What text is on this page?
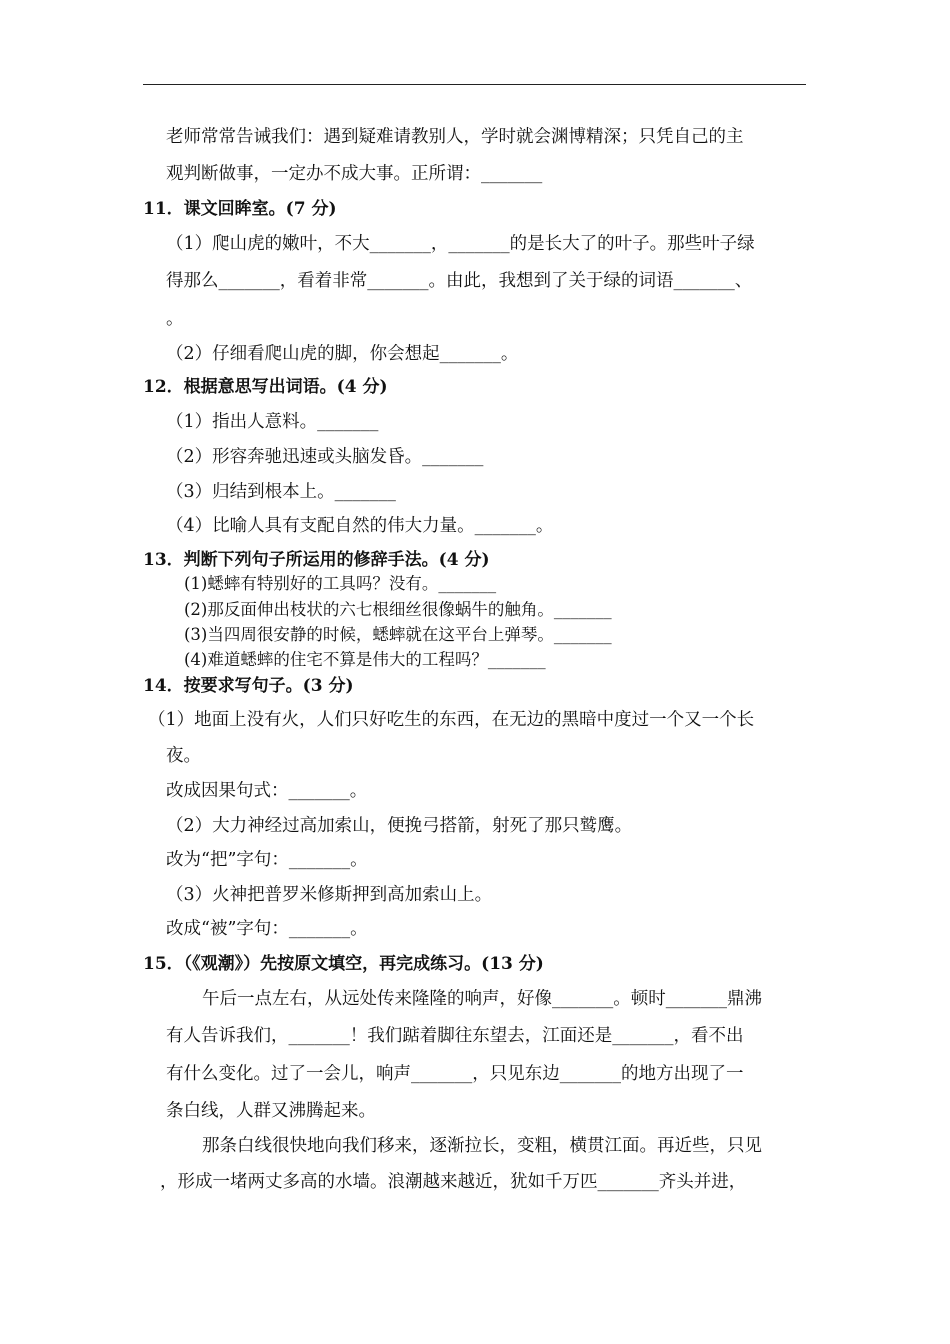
老师常常告诫我们：遇到疑难请教别人，学时就会渊博精深；只凭自己的主
观判断做事，一定办不成大事。正所谓：_______
11．课文回眸室。(7 分)
（1）爬山虎的嫩叶，不大_______，_______的是长大了的叶子。那些叶子绿
得那么_______，看着非常_______。由此，我想到了关于绿的词语_______、
。
（2）仔细看爬山虎的脚，你会想起_______。
12．根据意思写出词语。(4 分)
（1）指出人意料。_______
（2）形容奔驰迅速或头脑发昏。_______
（3）归结到根本上。_______
（4）比喻人具有支配自然的伟大力量。_______。
13．判断下列句子所运用的修辞手法。(4 分)
(1)蟋蟀有特别好的工具吗？没有。_______
(2)那反面伸出枝状的六七根细丝很像蜗牛的触角。_______
(3)当四周很安静的时候，蟋蟀就在这平台上弹琴。_______
(4)难道蟋蟀的住宅不算是伟大的工程吗？_______
14．按要求写句子。(3 分)
（1）地面上没有火，人们只好吃生的东西，在无边的黑暗中度过一个又一个长
夜。
改成因果句式：_______。
（2）大力神经过高加索山，便挽弓搭箭，射死了那只鹫鹰。
改为“把”字句：_______。
（3）火神把普罗米修斯押到高加索山上。
改成“被”字句：_______。
15．（《观潮》）先按原文填空，再完成练习。(13 分)
午后一点左右，从远处传来隆隆的响声，好像_______。顿时_______鼎沸
有人告诉我们，_______！我们踮着脚往东望去，江面还是_______，看不出
有什么变化。过了一会儿，响声_______，只见东边_______的地方出现了一
条白线，人群又沸腾起来。
那条白线很快地向我们移来，逐渐拉长，变粗，横贯江面。再近些，只见
，形成一堵两丈多高的水墙。浪潮越来越近，犹如千万匹_______齐头并进，
